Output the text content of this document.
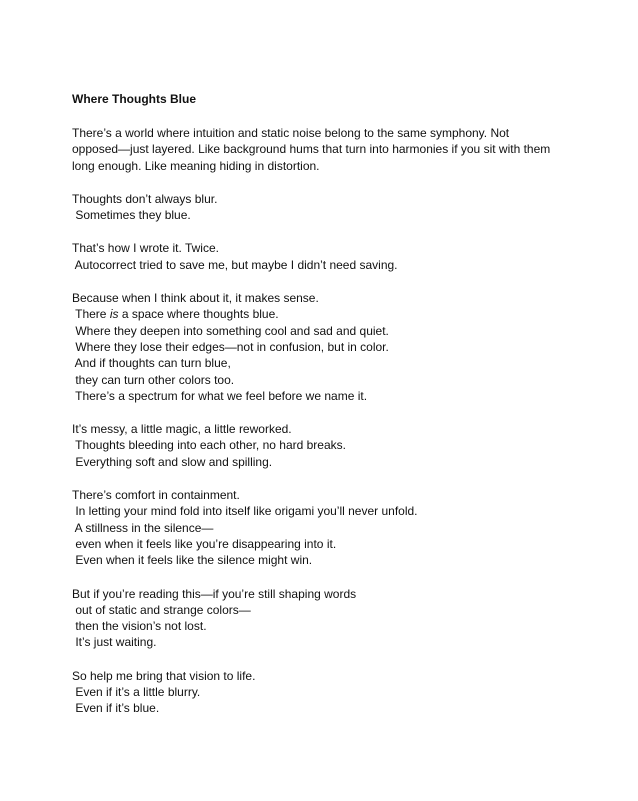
Where Thoughts Blue
There’s a world where intuition and static noise belong to the same symphony. Not
opposed—just layered. Like background hums that turn into harmonies if you sit with them
long enough. Like meaning hiding in distortion.
Thoughts don’t always blur.
Sometimes they blue.
That’s how I wrote it. Twice.
Autocorrect tried to save me, but maybe I didn’t need saving.
Because when I think about it, it makes sense.
There is a space where thoughts blue.
Where they deepen into something cool and sad and quiet.
Where they lose their edges—not in confusion, but in color.
And if thoughts can turn blue,
they can turn other colors too.
There’s a spectrum for what we feel before we name it.
It’s messy, a little magic, a little reworked.
Thoughts bleeding into each other, no hard breaks.
Everything soft and slow and spilling.
There’s comfort in containment.
In letting your mind fold into itself like origami you’ll never unfold.
A stillness in the silence—
even when it feels like you’re disappearing into it.
Even when it feels like the silence might win.
But if you’re reading this—if you’re still shaping words
out of static and strange colors—
then the vision’s not lost.
It’s just waiting.
So help me bring that vision to life.
Even if it’s a little blurry.
Even if it’s blue.
